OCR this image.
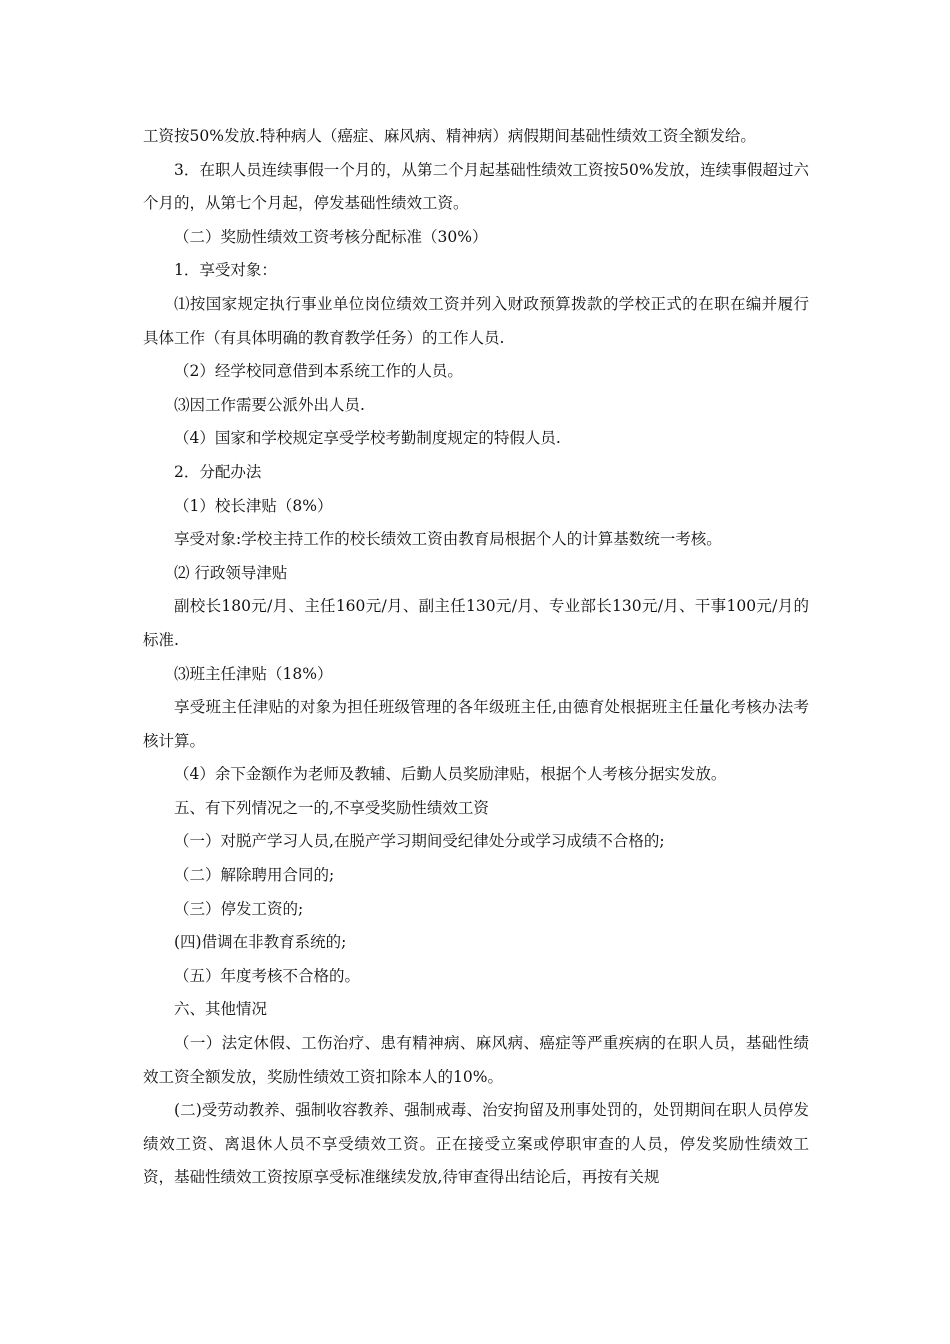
工资按50%发放.特种病人（癌症、麻风病、精神病）病假期间基础性绩效工资全额发给。

3．在职人员连续事假一个月的，从第二个月起基础性绩效工资按50%发放，连续事假超过六个月的，从第七个月起，停发基础性绩效工资。

（二）奖励性绩效工资考核分配标准（30%）

1．享受对象：

⑴按国家规定执行事业单位岗位绩效工资并列入财政预算拨款的学校正式的在职在编并履行具体工作（有具体明确的教育教学任务）的工作人员.

（2）经学校同意借到本系统工作的人员。

⑶因工作需要公派外出人员.

（4）国家和学校规定享受学校考勤制度规定的特假人员.

2．分配办法

（1）校长津贴（8%）

享受对象:学校主持工作的校长绩效工资由教育局根据个人的计算基数统一考核。

⑵ 行政领导津贴

副校长180元/月、主任160元/月、副主任130元/月、专业部长130元/月、干事100元/月的标准.

⑶班主任津贴（18%）

享受班主任津贴的对象为担任班级管理的各年级班主任,由德育处根据班主任量化考核办法考核计算。

（4）余下金额作为老师及教辅、后勤人员奖励津贴，根据个人考核分据实发放。

五、有下列情况之一的,不享受奖励性绩效工资

（一）对脱产学习人员,在脱产学习期间受纪律处分或学习成绩不合格的;

（二）解除聘用合同的;

（三）停发工资的;

(四)借调在非教育系统的;

（五）年度考核不合格的。

六、其他情况

（一）法定休假、工伤治疗、患有精神病、麻风病、癌症等严重疾病的在职人员，基础性绩效工资全额发放，奖励性绩效工资扣除本人的10%。

(二)受劳动教养、强制收容教养、强制戒毒、治安拘留及刑事处罚的，处罚期间在职人员停发绩效工资、离退休人员不享受绩效工资。正在接受立案或停职审查的人员，停发奖励性绩效工资，基础性绩效工资按原享受标准继续发放,待审查得出结论后，再按有关规
